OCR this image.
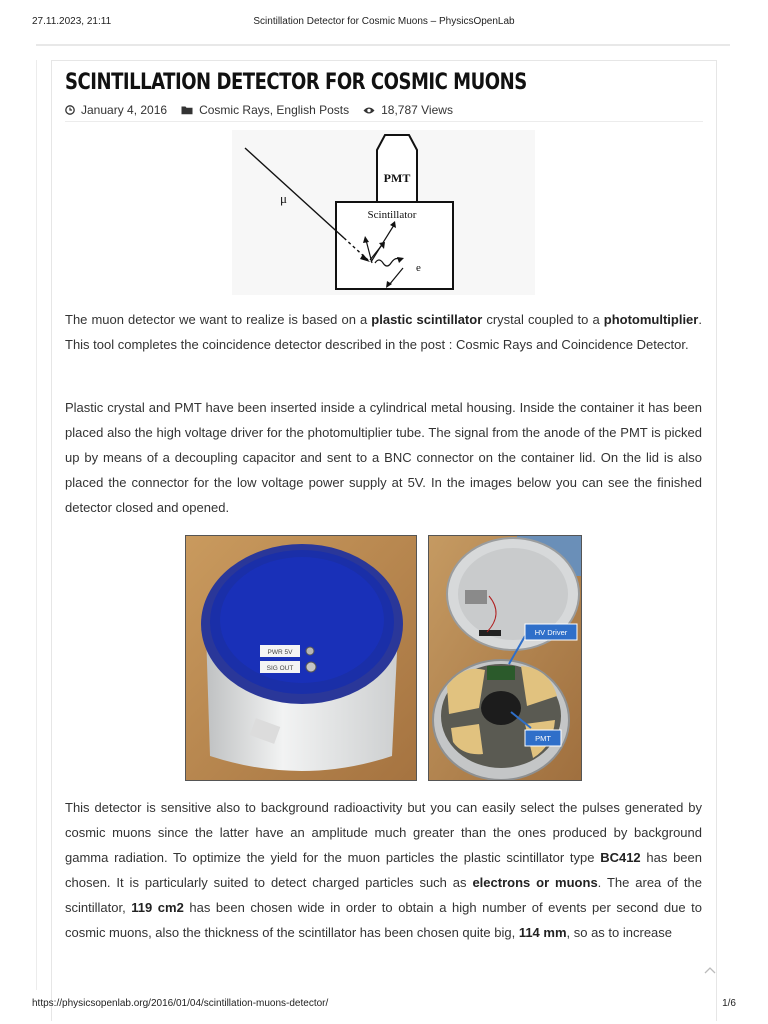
27.11.2023, 21:11	Scintillation Detector for Cosmic Muons – PhysicsOpenLab
SCINTILLATION DETECTOR FOR COSMIC MUONS
January 4, 2016	Cosmic Rays, English Posts	18,787 Views
PMT
Scintillator
μ
e

The muon detector we want to realize is based on a plastic scintillator crystal coupled to a photomultiplier. This tool completes the coincidence detector described in the post : Cosmic Rays and Coincidence Detector.

Plastic crystal and PMT have been inserted inside a cylindrical metal housing. Inside the container it has been placed also the high voltage driver for the photomultiplier tube. The signal from the anode of the PMT is picked up by means of a decoupling capacitor and sent to a BNC connector on the container lid. On the lid is also placed the connector for the low voltage power supply at 5V. In the images below you can see the finished detector closed and opened.

PWR 5V
SIG OUT
HV Driver
PMT

This detector is sensitive also to background radioactivity but you can easily select the pulses generated by cosmic muons since the latter have an amplitude much greater than the ones produced by background gamma radiation. To optimize the yield for the muon particles the plastic scintillator type BC412 has been chosen. It is particularly suited to detect charged particles such as electrons or muons. The area of the scintillator, 119 cm2 has been chosen wide in order to obtain a high number of events per second due to cosmic muons, also the thickness of the scintillator has been chosen quite big, 114 mm, so as to increase

https://physicsopenlab.org/2016/01/04/scintillation-muons-detector/	1/6
